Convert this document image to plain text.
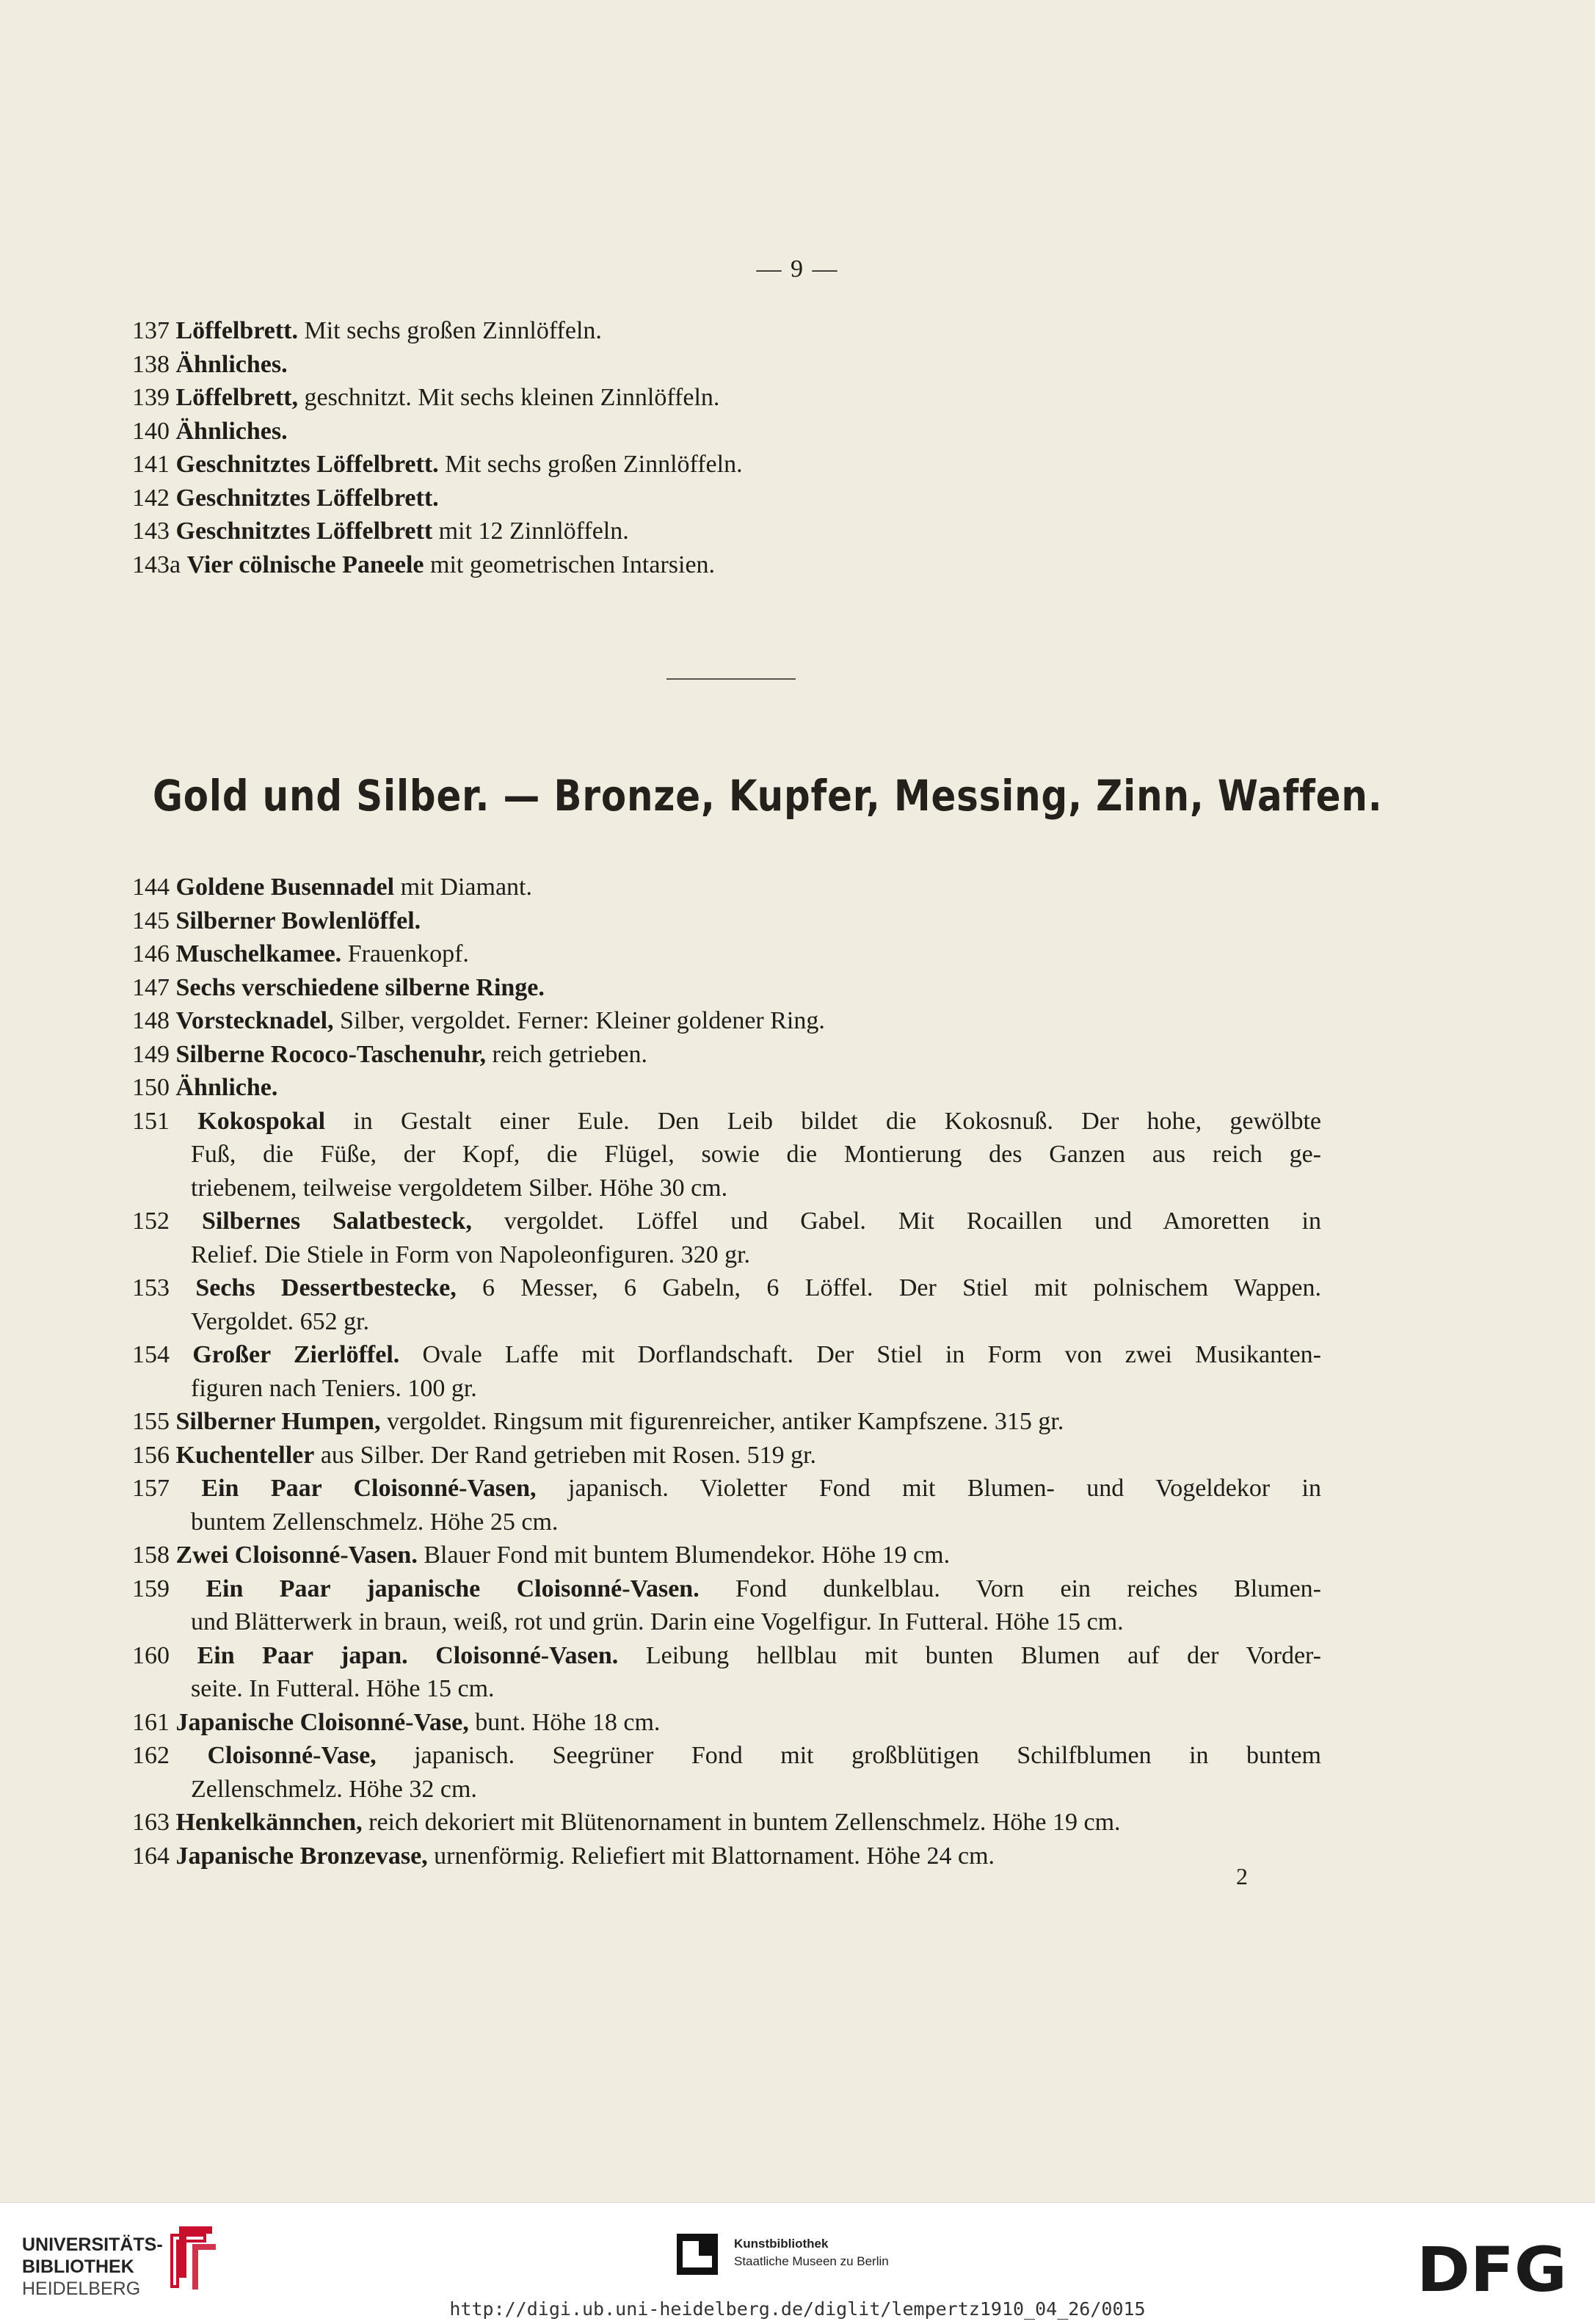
— 9 —
137 Löffelbrett. Mit sechs großen Zinnlöffeln.
138 Ähnliches.
139 Löffelbrett, geschnitzt. Mit sechs kleinen Zinnlöffeln.
140 Ähnliches.
141 Geschnitztes Löffelbrett. Mit sechs großen Zinnlöffeln.
142 Geschnitztes Löffelbrett.
143 Geschnitztes Löffelbrett mit 12 Zinnlöffeln.
143a Vier cölnische Paneele mit geometrischen Intarsien.
Gold und Silber. — Bronze, Kupfer, Messing, Zinn, Waffen.
144 Goldene Busennadel mit Diamant.
145 Silberner Bowlenlöffel.
146 Muschelkamee. Frauenkopf.
147 Sechs verschiedene silberne Ringe.
148 Vorstecknadel, Silber, vergoldet. Ferner: Kleiner goldener Ring.
149 Silberne Rococo-Taschenuhr, reich getrieben.
150 Ähnliche.
151 Kokospokal in Gestalt einer Eule. Den Leib bildet die Kokosnuß. Der hohe, gewölbte
Fuß, die Füße, der Kopf, die Flügel, sowie die Montierung des Ganzen aus reich ge-
triebenem, teilweise vergoldetem Silber. Höhe 30 cm.
152 Silbernes Salatbesteck, vergoldet. Löffel und Gabel. Mit Rocaillen und Amoretten in
Relief. Die Stiele in Form von Napoleonfiguren. 320 gr.
153 Sechs Dessertbestecke, 6 Messer, 6 Gabeln, 6 Löffel. Der Stiel mit polnischem Wappen.
Vergoldet. 652 gr.
154 Großer Zierlöffel. Ovale Laffe mit Dorflandschaft. Der Stiel in Form von zwei Musikanten-
figuren nach Teniers. 100 gr.
155 Silberner Humpen, vergoldet. Ringsum mit figurenreicher, antiker Kampfszene. 315 gr.
156 Kuchenteller aus Silber. Der Rand getrieben mit Rosen. 519 gr.
157 Ein Paar Cloisonné-Vasen, japanisch. Violetter Fond mit Blumen- und Vogeldekor in
buntem Zellenschmelz. Höhe 25 cm.
158 Zwei Cloisonné-Vasen. Blauer Fond mit buntem Blumendekor. Höhe 19 cm.
159 Ein Paar japanische Cloisonné-Vasen. Fond dunkelblau. Vorn ein reiches Blumen-
und Blätterwerk in braun, weiß, rot und grün. Darin eine Vogelfigur. In Futteral. Höhe 15 cm.
160 Ein Paar japan. Cloisonné-Vasen. Leibung hellblau mit bunten Blumen auf der Vorder-
seite. In Futteral. Höhe 15 cm.
161 Japanische Cloisonné-Vase, bunt. Höhe 18 cm.
162 Cloisonné-Vase, japanisch. Seegrüner Fond mit großblütigen Schilfblumen in buntem
Zellenschmelz. Höhe 32 cm.
163 Henkelkännchen, reich dekoriert mit Blütenornament in buntem Zellenschmelz. Höhe 19 cm.
164 Japanische Bronzevase, urnenförmig. Reliefiert mit Blattornament. Höhe 24 cm.
2
UNIVERSITÄTS-
BIBLIOTHEK
HEIDELBERG
Kunstbibliothek
Staatliche Museen zu Berlin	DFG
http://digi.ub.uni-heidelberg.de/diglit/lempertz1910_04_26/0015
